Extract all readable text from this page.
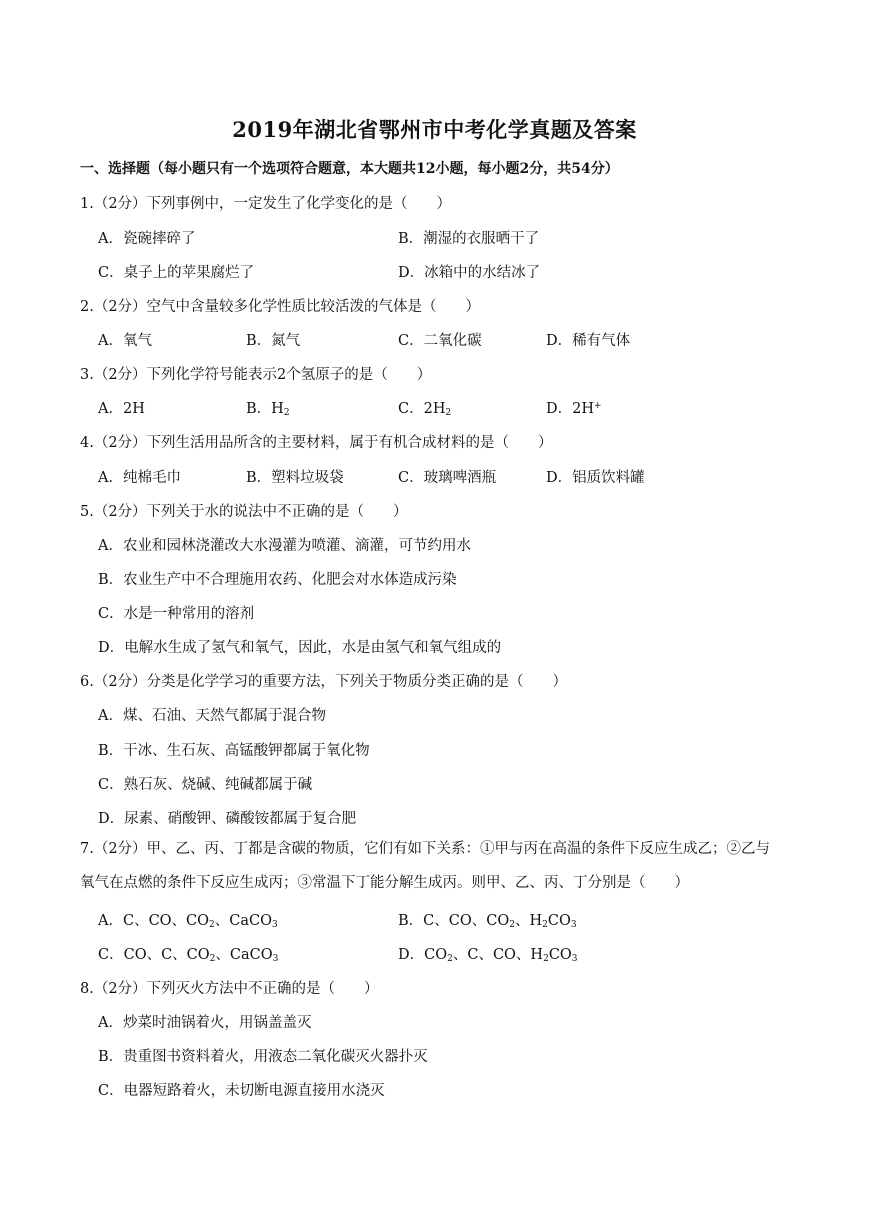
2019年湖北省鄂州市中考化学真题及答案
一、选择题（每小题只有一个选项符合题意，本大题共12小题，每小题2分，共54分）
1.（2分）下列事例中，一定发生了化学变化的是（　　）
A．瓷碗摔碎了	B．潮湿的衣服晒干了
C．桌子上的苹果腐烂了	D．冰箱中的水结冰了
2.（2分）空气中含量较多化学性质比较活泼的气体是（　　）
A．氧气	B．氮气	C．二氧化碳	D．稀有气体
3.（2分）下列化学符号能表示2个氢原子的是（　　）
A．2H	B．$H_2$	C．$2H_2$	D．2H+
4.（2分）下列生活用品所含的主要材料，属于有机合成材料的是（　　）
A．纯棉毛巾	B．塑料垃圾袋	C．玻璃啤酒瓶	D．铝质饮料罐
5.（2分）下列关于水的说法中不正确的是（　　）
A．农业和园林浇灌改大水漫灌为喷灌、滴灌，可节约用水
B．农业生产中不合理施用农药、化肥会对水体造成污染
C．水是一种常用的溶剂
D．电解水生成了氢气和氧气，因此，水是由氢气和氧气组成的
6.（2分）分类是化学学习的重要方法，下列关于物质分类正确的是（　　）
A．煤、石油、天然气都属于混合物
B．干冰、生石灰、高锰酸钾都属于氧化物
C．熟石灰、烧碱、纯碱都属于碱
D．尿素、硝酸钾、磷酸铵都属于复合肥
7.（2分）甲、乙、丙、丁都是含碳的物质，它们有如下关系：①甲与丙在高温的条件下反应生成乙；②乙与氧气在点燃的条件下反应生成丙；③常温下丁能分解生成丙。则甲、乙、丙、丁分别是（　　）
A．C、CO、$CO_2$、CaCO$_3$	B．C、CO、$CO_2$、$H_2CO_3$
C．CO、C、$CO_2$、CaCO$_3$	D．$CO_2$、C、CO、$H_2CO_3$
8.（2分）下列灭火方法中不正确的是（　　）
A．炒菜时油锅着火，用锅盖盖灭
B．贵重图书资料着火，用液态二氧化碳灭火器扑灭
C．电器短路着火，未切断电源直接用水浇灭
